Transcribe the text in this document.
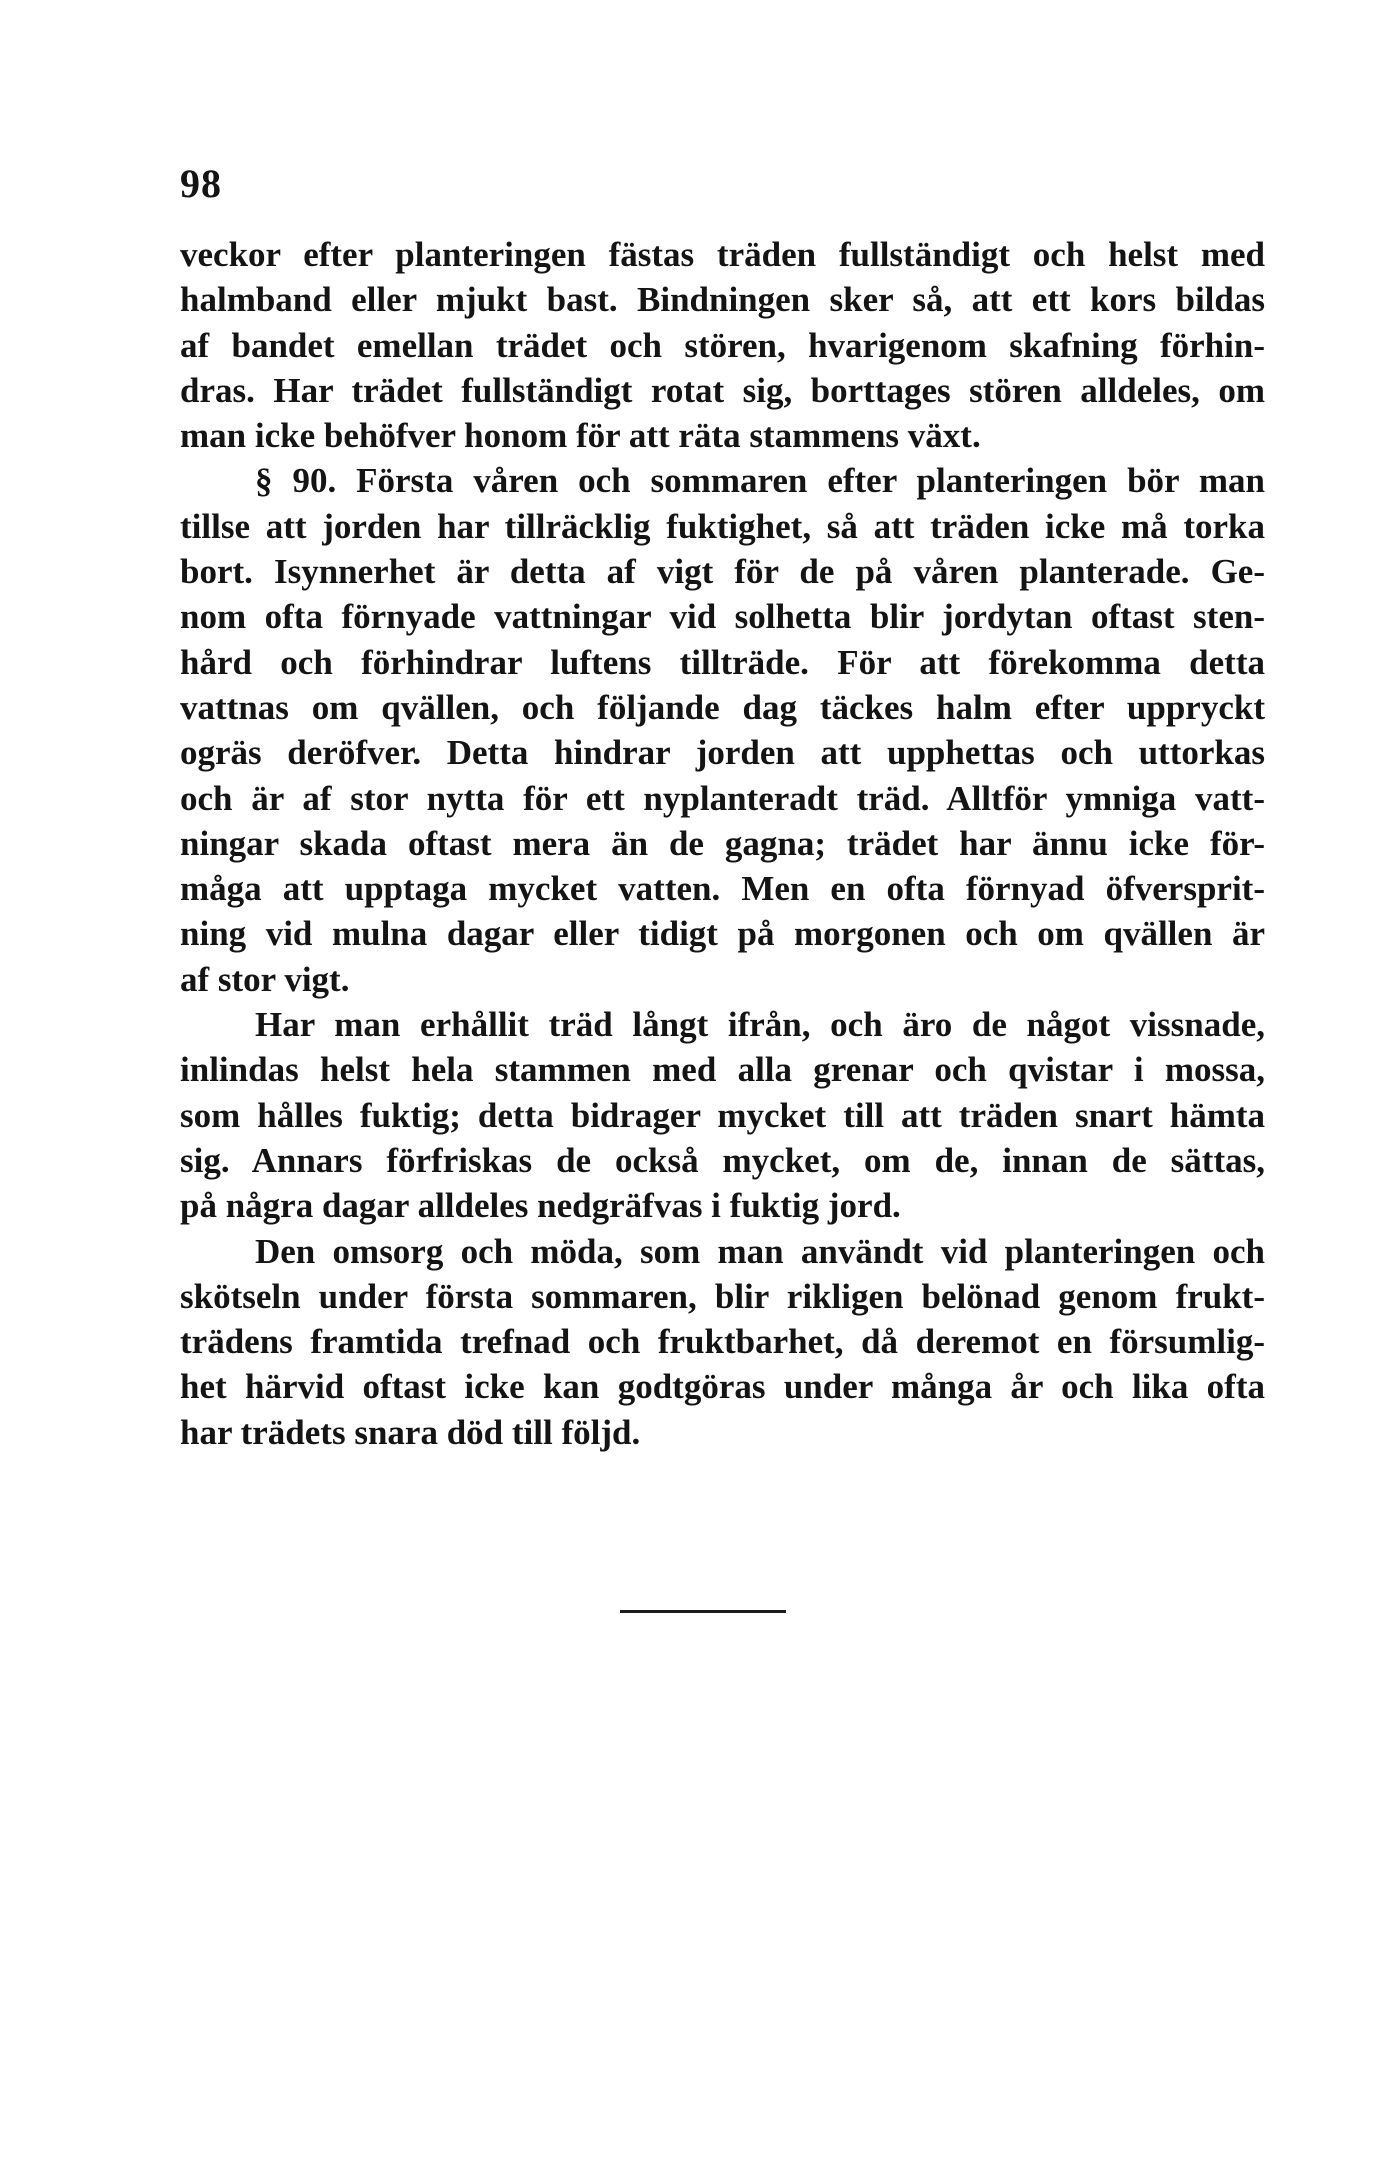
98
veckor efter planteringen fästas träden fullständigt och helst med
halmband eller mjukt bast. Bindningen sker så, att ett kors bildas
af bandet emellan trädet och stören, hvarigenom skafning förhin-
dras. Har trädet fullständigt rotat sig, borttages stören alldeles, om
man icke behöfver honom för att räta stammens växt.
§ 90. Första våren och sommaren efter planteringen bör man
tillse att jorden har tillräcklig fuktighet, så att träden icke må torka
bort. Isynnerhet är detta af vigt för de på våren planterade. Ge-
nom ofta förnyade vattningar vid solhetta blir jordytan oftast sten-
hård och förhindrar luftens tillträde. För att förekomma detta
vattnas om qvällen, och följande dag täckes halm efter uppryckt
ogräs deröfver. Detta hindrar jorden att upphettas och uttorkas
och är af stor nytta för ett nyplanteradt träd. Alltför ymniga vatt-
ningar skada oftast mera än de gagna; trädet har ännu icke för-
måga att upptaga mycket vatten. Men en ofta förnyad öfversprit-
ning vid mulna dagar eller tidigt på morgonen och om qvällen är
af stor vigt.
Har man erhållit träd långt ifrån, och äro de något vissnade,
inlindas helst hela stammen med alla grenar och qvistar i mossa,
som hålles fuktig; detta bidrager mycket till att träden snart hämta
sig. Annars förfriskas de också mycket, om de, innan de sättas,
på några dagar alldeles nedgräfvas i fuktig jord.
Den omsorg och möda, som man användt vid planteringen och
skötseln under första sommaren, blir rikligen belönad genom frukt-
trädens framtida trefnad och fruktbarhet, då deremot en försumlig-
het härvid oftast icke kan godtgöras under många år och lika ofta
har trädets snara död till följd.
